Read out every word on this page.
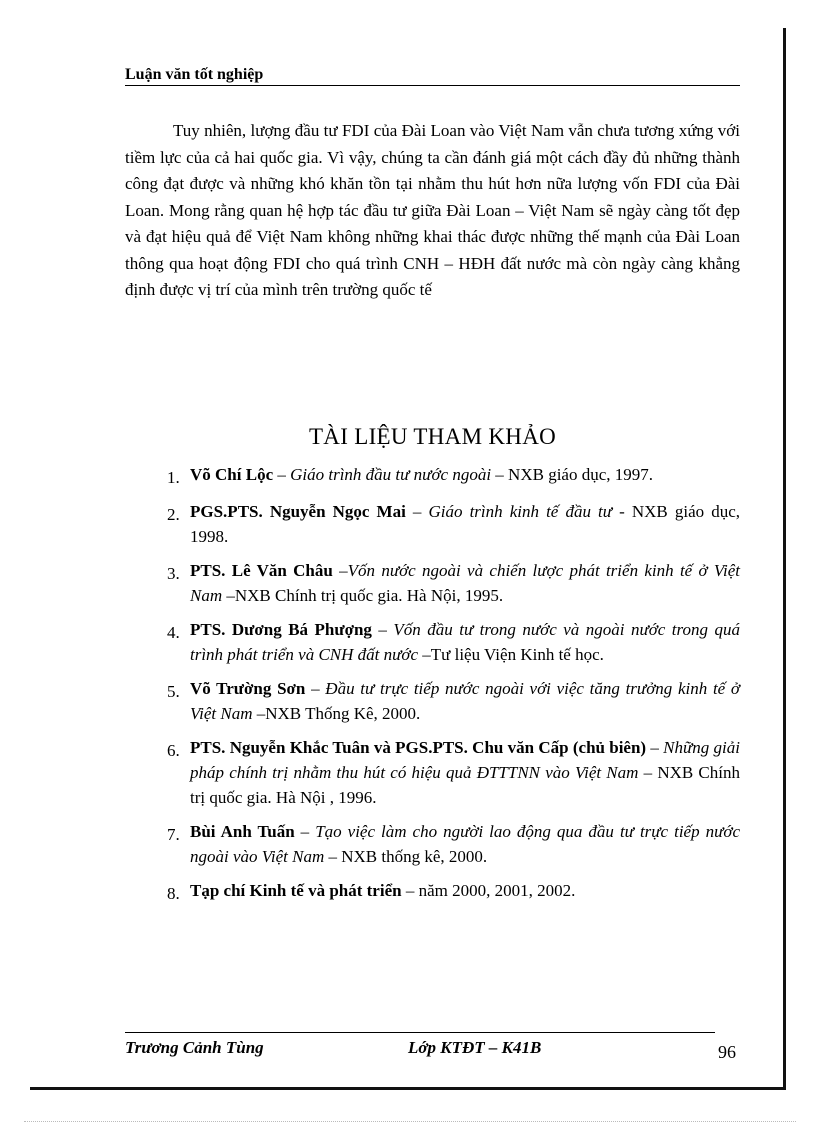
Luận văn tốt nghiệp

Tuy nhiên, lượng đầu tư FDI của Đài Loan vào Việt Nam vẫn chưa tương xứng với tiềm lực của cả hai quốc gia. Vì vậy, chúng ta cần đánh giá một cách đầy đủ những thành công đạt được và những khó khăn tồn tại nhằm thu hút hơn nữa lượng vốn FDI của Đài Loan. Mong rằng quan hệ hợp tác đầu tư giữa Đài Loan – Việt Nam sẽ ngày càng tốt đẹp và đạt hiệu quả để Việt Nam không những khai thác được những thế mạnh của Đài Loan thông qua hoạt động FDI cho quá trình CNH – HĐH đất nước mà còn ngày càng khẳng định được vị trí của mình trên trường quốc tế

TÀI LIỆU THAM KHẢO
1. Võ Chí Lộc – Giáo trình đầu tư nước ngoài – NXB giáo dục, 1997.
2. PGS.PTS. Nguyễn Ngọc Mai – Giáo trình kinh tế đầu tư - NXB giáo dục, 1998.
3. PTS. Lê Văn Châu –Vốn nước ngoài và chiến lược phát triển kinh tế ở Việt Nam –NXB Chính trị quốc gia. Hà Nội, 1995.
4. PTS. Dương Bá Phượng – Vốn đầu tư trong nước và ngoài nước trong quá trình phát triển và CNH đất nước –Tư liệu Viện Kinh tế học.
5. Võ Trường Sơn – Đầu tư trực tiếp nước ngoài với việc tăng trưởng kinh tế ở Việt Nam –NXB Thống Kê, 2000.
6. PTS. Nguyễn Khắc Tuân và PGS.PTS. Chu văn Cấp (chủ biên) – Những giải pháp chính trị nhằm thu hút có hiệu quả ĐTTTNN vào Việt Nam – NXB Chính trị quốc gia. Hà Nội , 1996.
7. Bùi Anh Tuấn – Tạo việc làm cho người lao động qua đầu tư trực tiếp nước ngoài vào Việt Nam – NXB thống kê, 2000.
8. Tạp chí Kinh tế và phát triển – năm 2000, 2001, 2002.
Trương Cảnh Tùng	Lớp KTĐT – K41B	96
